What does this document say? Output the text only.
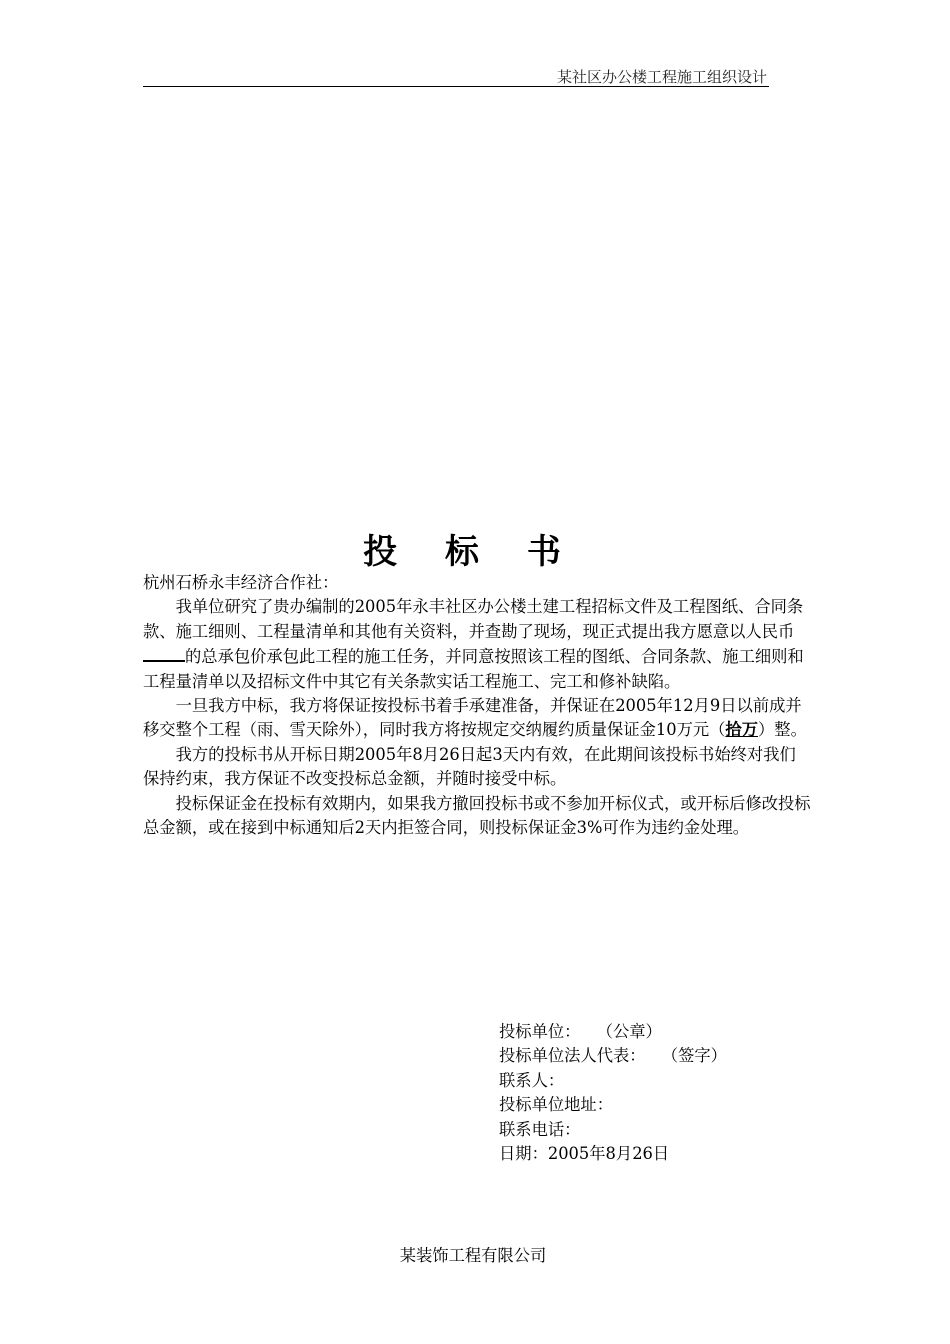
某社区办公楼工程施工组织设计
投 标 书

杭州石桥永丰经济合作社：

我单位研究了贵办编制的2005年永丰社区办公楼土建工程招标文件及工程图纸、合同条款、施工细则、工程量清单和其他有关资料，并查勘了现场，现正式提出我方愿意以人民币的总承包价承包此工程的施工任务，并同意按照该工程的图纸、合同条款、施工细则和工程量清单以及招标文件中其它有关条款实话工程施工、完工和修补缺陷。

一旦我方中标，我方将保证按投标书着手承建准备，并保证在2005年12月9日以前成并移交整个工程（雨、雪天除外），同时我方将按规定交纳履约质量保证金10万元（拾万）整。

我方的投标书从开标日期2005年8月26日起3天内有效，在此期间该投标书始终对我们保持约束，我方保证不改变投标总金额，并随时接受中标。

投标保证金在投标有效期内，如果我方撤回投标书或不参加开标仪式，或开标后修改投标总金额，或在接到中标通知后2天内拒签合同，则投标保证金3%可作为违约金处理。

投标单位：　　（公章）
投标单位法人代表：　　（签字）
联系人：
投标单位地址：
联系电话：
日期：2005年8月26日
某装饰工程有限公司
